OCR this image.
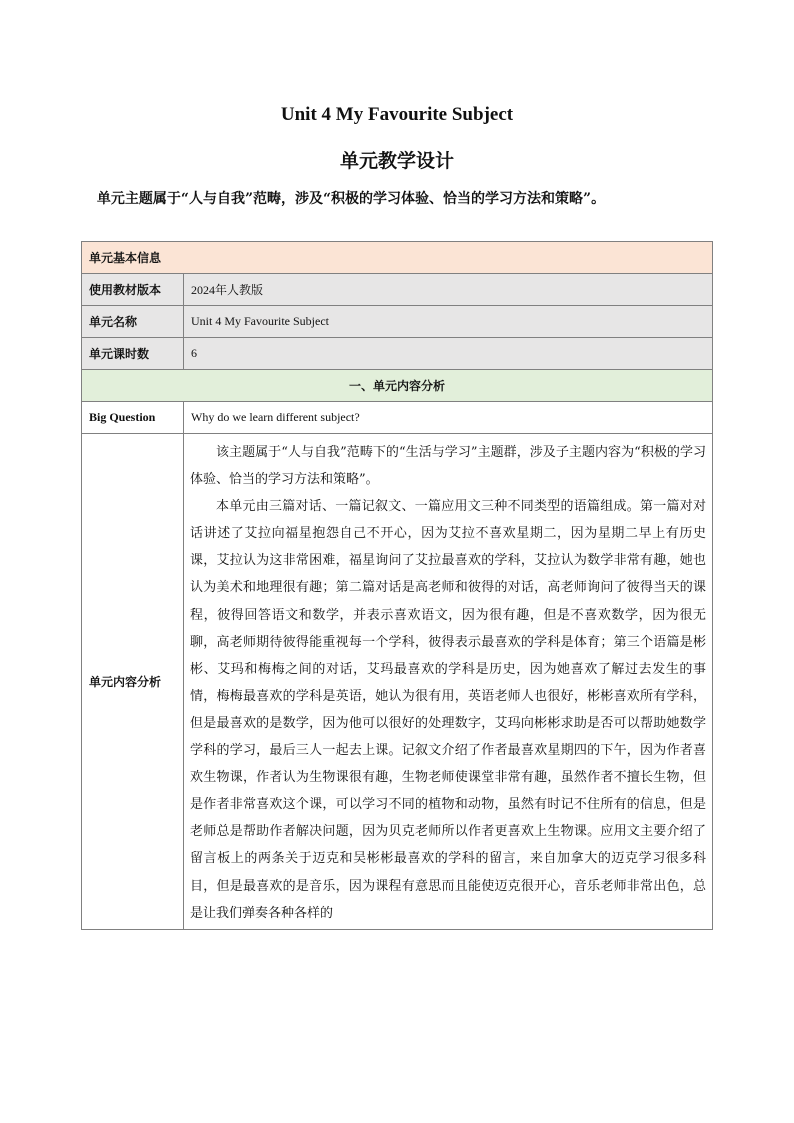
Unit 4 My Favourite Subject
单元教学设计
单元主题属于“人与自我”范畴，涉及“积极的学习体验、恰当的学习方法和策略”。
单元基本信息	
使用教材版本	2024年人教版
单元名称	Unit 4 My Favourite Subject
单元课时数	6
一、单元内容分析	
Big Question	Why do we learn different subject?
单元内容分析	该主题属于“人与自我”范畴下的“生活与学习”主题群，涉及子主题内容为“积极的学习体验、恰当的学习方法和策略”。

本单元由三篇对话、一篇记叙文、一篇应用文三种不同类型的语篇组成。第一篇对对话讲述了艾拉向福星抱怨自己不开心，因为艾拉不喜欢星期二，因为星期二早上有历史课，艾拉认为这非常困难，福星询问了艾拉最喜欢的学科，艾拉认为数学非常有趣，她也认为美术和地理很有趣；第二篇对话是高老师和彼得的对话，高老师询问了彼得当天的课程，彼得回答语文和数学，并表示喜欢语文，因为很有趣，但是不喜欢数学，因为很无聊，高老师期待彼得能重视每一个学科，彼得表示最喜欢的学科是体育；第三个语篇是彬彬、艾玛和梅梅之间的对话，艾玛最喜欢的学科是历史，因为她喜欢了解过去发生的事情，梅梅最喜欢的学科是英语，她认为很有用，英语老师人也很好，彬彬喜欢所有学科，但是最喜欢的是数学，因为他可以很好的处理数字，艾玛向彬彬求助是否可以帮助她数学学科的学习，最后三人一起去上课。记叙文介绍了作者最喜欢星期四的下午，因为作者喜欢生物课，作者认为生物课很有趣，生物老师使课堂非常有趣，虽然作者不擅长生物，但是作者非常喜欢这个课，可以学习不同的植物和动物，虽然有时记不住所有的信息，但是老师总是帮助作者解决问题，因为贝克老师所以作者更喜欢上生物课。应用文主要介绍了留言板上的两条关于迈克和吴彬彬最喜欢的学科的留言，来自加拿大的迈克学习很多科目，但是最喜欢的是音乐，因为课程有意思而且能使迈克很开心，音乐老师非常出色，总是让我们弹奏各种各样的
